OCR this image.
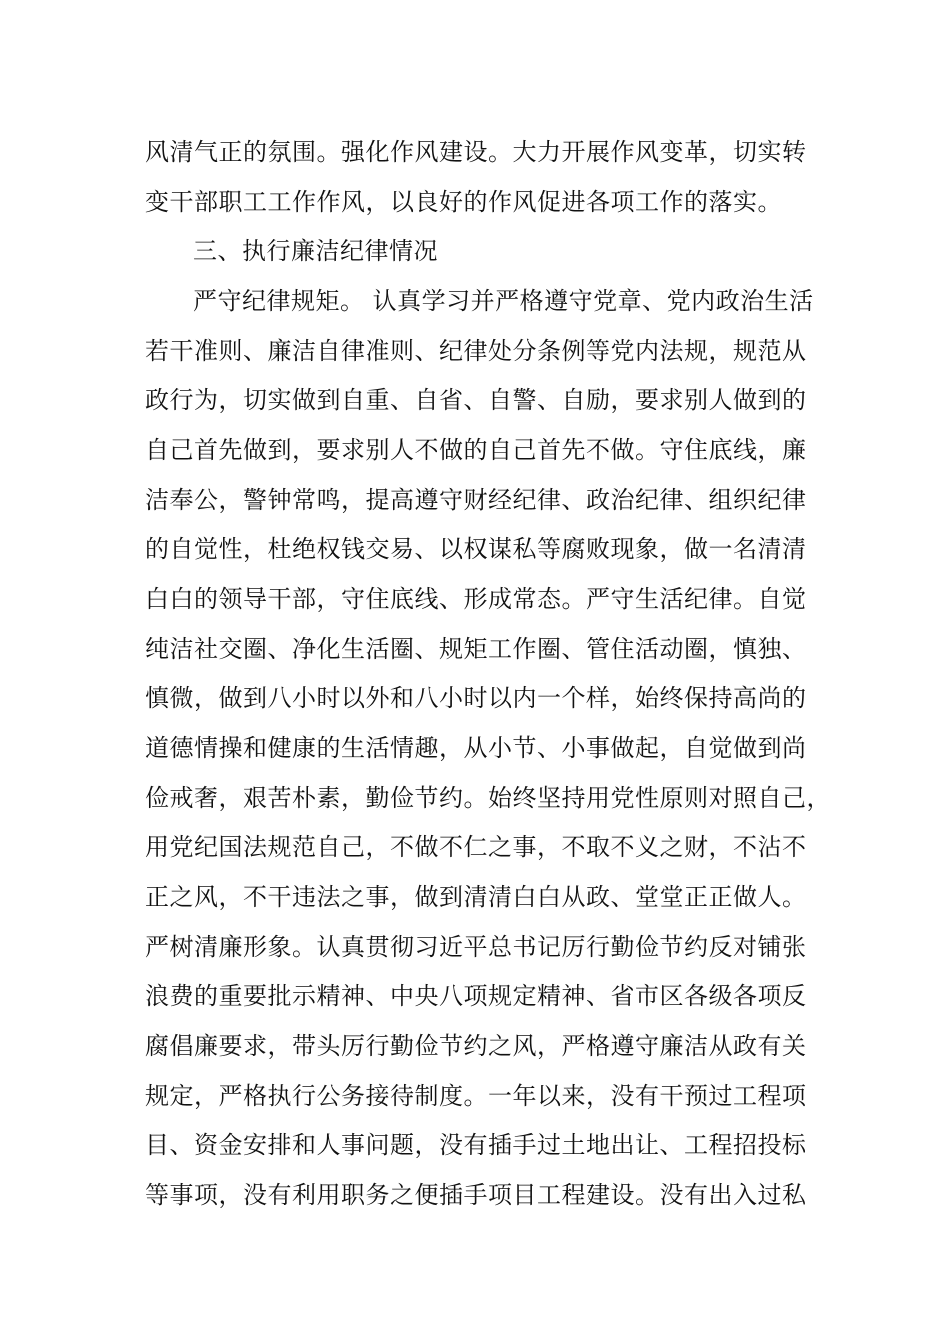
风清气正的氛围。强化作风建设。大力开展作风变革，切实转
变干部职工工作作风，以良好的作风促进各项工作的落实。
三、执行廉洁纪律情况
严守纪律规矩。 认真学习并严格遵守党章、党内政治生活
若干准则、廉洁自律准则、纪律处分条例等党内法规，规范从
政行为，切实做到自重、自省、自警、自励，要求别人做到的
自己首先做到，要求别人不做的自己首先不做。守住底线，廉
洁奉公，警钟常鸣，提高遵守财经纪律、政治纪律、组织纪律
的自觉性，杜绝权钱交易、以权谋私等腐败现象，做一名清清
白白的领导干部，守住底线、形成常态。严守生活纪律。自觉
纯洁社交圈、净化生活圈、规矩工作圈、管住活动圈，慎独、
慎微，做到八小时以外和八小时以内一个样，始终保持高尚的
道德情操和健康的生活情趣，从小节、小事做起，自觉做到尚
俭戒奢，艰苦朴素，勤俭节约。始终坚持用党性原则对照自己，
用党纪国法规范自己，不做不仁之事，不取不义之财，不沾不
正之风，不干违法之事，做到清清白白从政、堂堂正正做人。
严树清廉形象。认真贯彻习近平总书记厉行勤俭节约反对铺张
浪费的重要批示精神、中央八项规定精神、省市区各级各项反
腐倡廉要求，带头厉行勤俭节约之风，严格遵守廉洁从政有关
规定，严格执行公务接待制度。一年以来，没有干预过工程项
目、资金安排和人事问题，没有插手过土地出让、工程招投标
等事项，没有利用职务之便插手项目工程建设。没有出入过私
